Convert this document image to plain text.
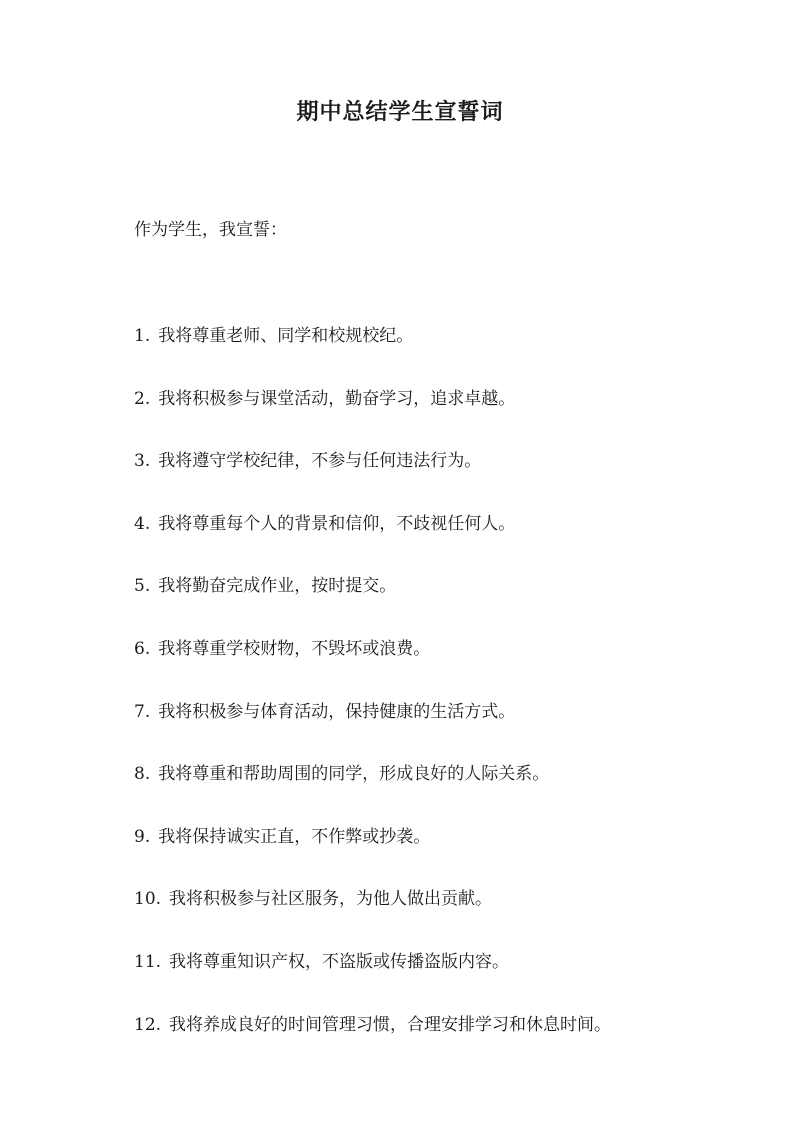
期中总结学生宣誓词

作为学生，我宣誓：

1. 我将尊重老师、同学和校规校纪。
2. 我将积极参与课堂活动，勤奋学习，追求卓越。
3. 我将遵守学校纪律，不参与任何违法行为。
4. 我将尊重每个人的背景和信仰，不歧视任何人。
5. 我将勤奋完成作业，按时提交。
6. 我将尊重学校财物，不毁坏或浪费。
7. 我将积极参与体育活动，保持健康的生活方式。
8. 我将尊重和帮助周围的同学，形成良好的人际关系。
9. 我将保持诚实正直，不作弊或抄袭。
10. 我将积极参与社区服务，为他人做出贡献。
11. 我将尊重知识产权，不盗版或传播盗版内容。
12. 我将养成良好的时间管理习惯，合理安排学习和休息时间。
